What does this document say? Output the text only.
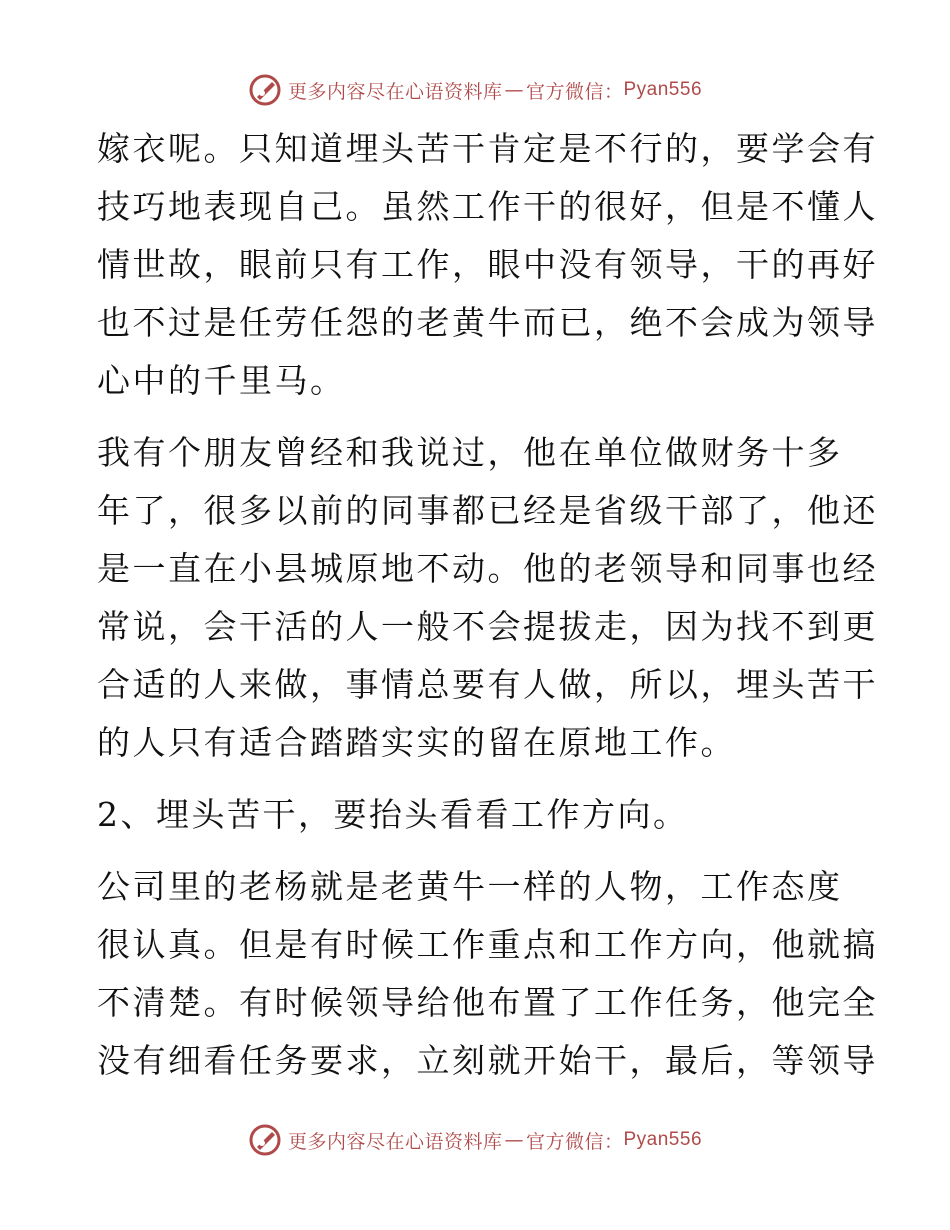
更多内容尽在心语资料库 — 官方微信： Pyan556

嫁衣呢。只知道埋头苦干肯定是不行的，要学会有
技巧地表现自己。虽然工作干的很好，但是不懂人
情世故，眼前只有工作，眼中没有领导，干的再好
也不过是任劳任怨的老黄牛而已，绝不会成为领导
心中的千里马。

我有个朋友曾经和我说过，他在单位做财务十多
年了，很多以前的同事都已经是省级干部了，他还
是一直在小县城原地不动。他的老领导和同事也经
常说，会干活的人一般不会提拔走，因为找不到更
合适的人来做，事情总要有人做，所以，埋头苦干
的人只有适合踏踏实实的留在原地工作。

2、埋头苦干，要抬头看看工作方向。

公司里的老杨就是老黄牛一样的人物，工作态度
很认真。但是有时候工作重点和工作方向，他就搞
不清楚。有时候领导给他布置了工作任务，他完全
没有细看任务要求，立刻就开始干，最后，等领导

更多内容尽在心语资料库 — 官方微信： Pyan556
